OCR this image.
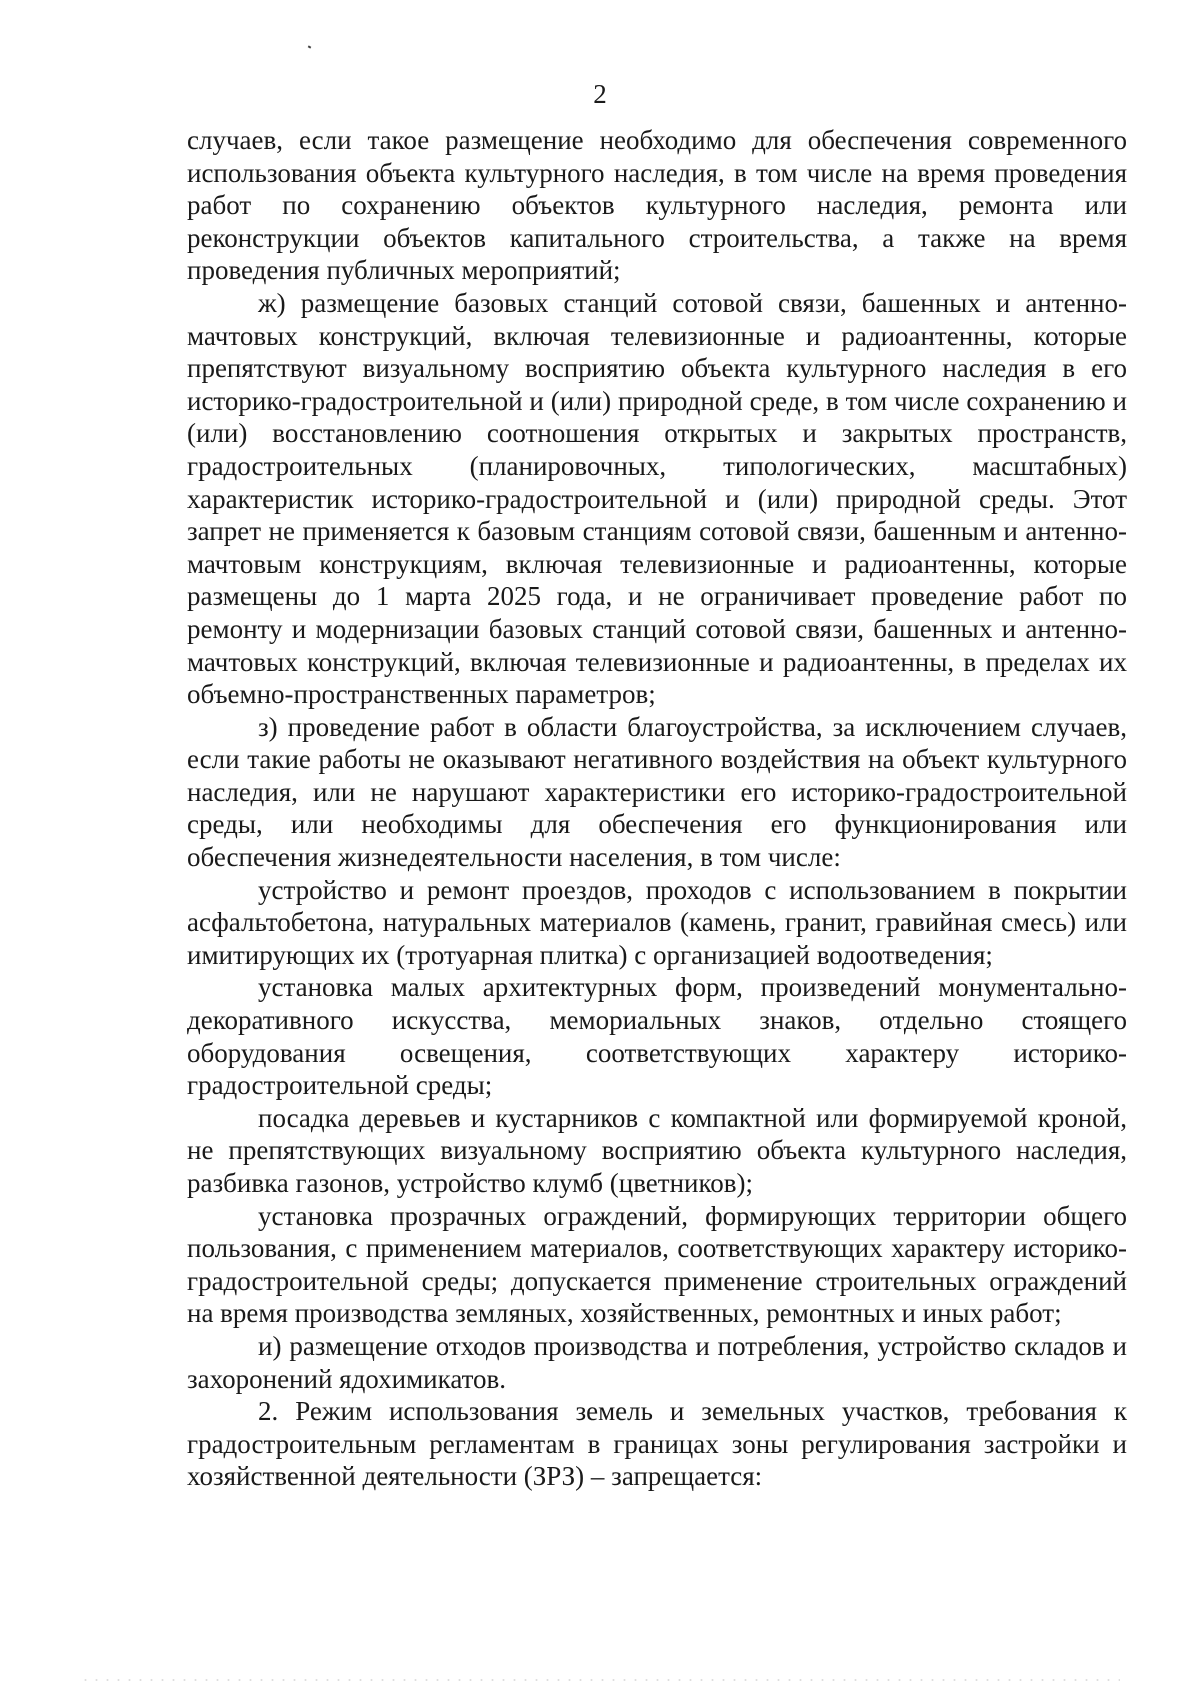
2

случаев, если такое размещение необходимо для обеспечения современного использования объекта культурного наследия, в том числе на время проведения работ по сохранению объектов культурного наследия, ремонта или реконструкции объектов капитального строительства, а также на время проведения публичных мероприятий;

ж) размещение базовых станций сотовой связи, башенных и антенно-мачтовых конструкций, включая телевизионные и радиоантенны, которые препятствуют визуальному восприятию объекта культурного наследия в его историко-градостроительной и (или) природной среде, в том числе сохранению и (или) восстановлению соотношения открытых и закрытых пространств, градостроительных (планировочных, типологических, масштабных) характеристик историко-градостроительной и (или) природной среды. Этот запрет не применяется к базовым станциям сотовой связи, башенным и антенно-мачтовым конструкциям, включая телевизионные и радиоантенны, которые размещены до 1 марта 2025 года, и не ограничивает проведение работ по ремонту и модернизации базовых станций сотовой связи, башенных и антенно-мачтовых конструкций, включая телевизионные и радиоантенны, в пределах их объемно-пространственных параметров;

з) проведение работ в области благоустройства, за исключением случаев, если такие работы не оказывают негативного воздействия на объект культурного наследия, или не нарушают характеристики его историко-градостроительной среды, или необходимы для обеспечения его функционирования или обеспечения жизнедеятельности населения, в том числе:

устройство и ремонт проездов, проходов с использованием в покрытии асфальтобетона, натуральных материалов (камень, гранит, гравийная смесь) или имитирующих их (тротуарная плитка) с организацией водоотведения;

установка малых архитектурных форм, произведений монументально-декоративного искусства, мемориальных знаков, отдельно стоящего оборудования освещения, соответствующих характеру историко-градостроительной среды;

посадка деревьев и кустарников с компактной или формируемой кроной, не препятствующих визуальному восприятию объекта культурного наследия, разбивка газонов, устройство клумб (цветников);

установка прозрачных ограждений, формирующих территории общего пользования, с применением материалов, соответствующих характеру историко-градостроительной среды; допускается применение строительных ограждений на время производства земляных, хозяйственных, ремонтных и иных работ;

и) размещение отходов производства и потребления, устройство складов и захоронений ядохимикатов.

2. Режим использования земель и земельных участков, требования к градостроительным регламентам в границах зоны регулирования застройки и хозяйственной деятельности (ЗРЗ) – запрещается:
